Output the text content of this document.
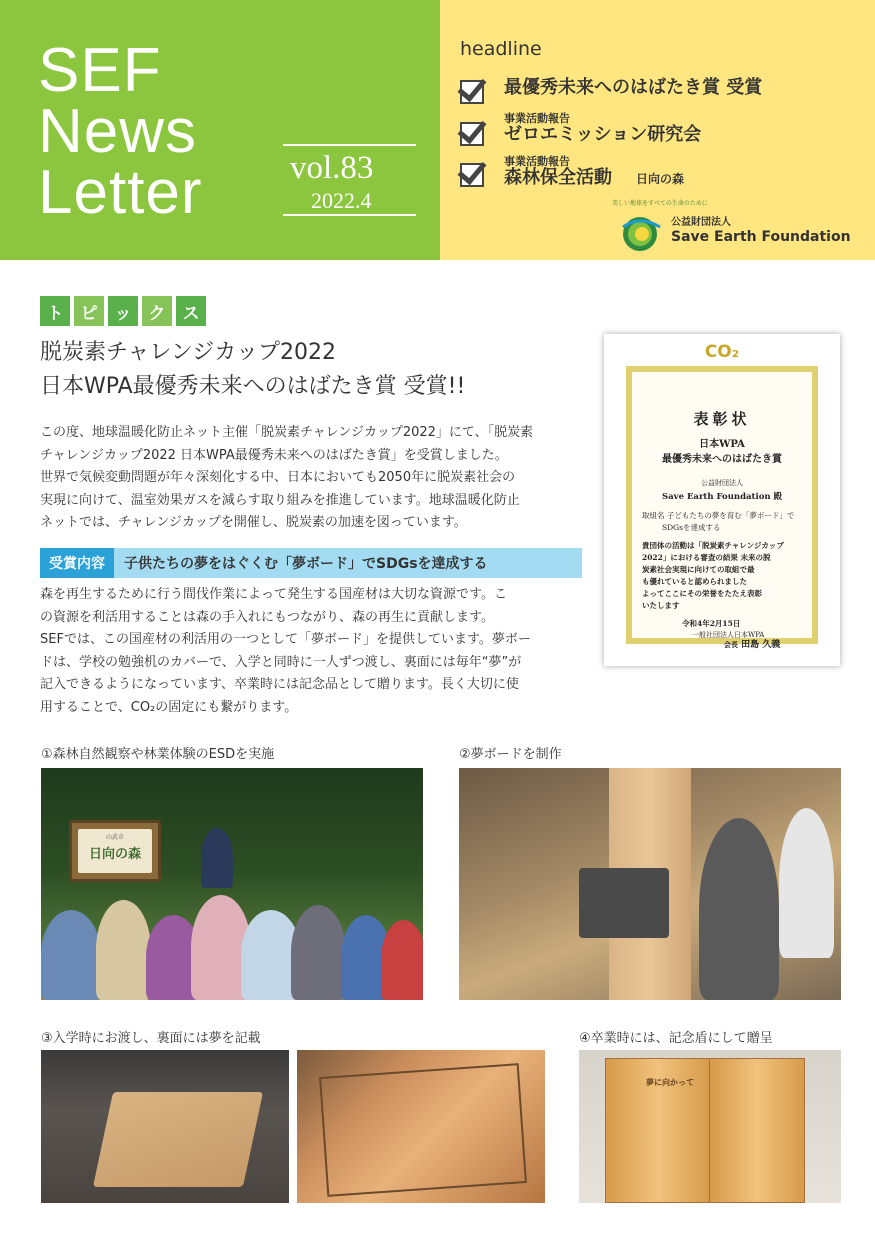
SEF
News
Letter	vol.83
2022.4
headline
最優秀未来へのはばたき賞 受賞
事業活動報告
ゼロエミッション研究会
事業活動報告
森林保全活動 日向の森
美しい地球をすべての生命のために
公益財団法人
Save Earth Foundation
ト	ピ	ッ	ク	ス
脱炭素チャレンジカップ2022
日本WPA最優秀未来へのはばたき賞 受賞!!
この度、地球温暖化防止ネット主催「脱炭素チャレンジカップ2022」にて、「脱炭素
チャレンジカップ2022 日本WPA最優秀未来へのはばたき賞」を受賞しました。
世界で気候変動問題が年々深刻化する中、日本においても2050年に脱炭素社会の
実現に向けて、温室効果ガスを減らす取り組みを推進しています。地球温暖化防止
ネットでは、チャレンジカップを開催し、脱炭素の加速を図っています。
受賞内容	子供たちの夢をはぐくむ「夢ボード」でSDGsを達成する
森を再生するために行う間伐作業によって発生する国産材は大切な資源です。こ
の資源を利活用することは森の手入れにもつながり、森の再生に貢献します。
SEFでは、この国産材の利活用の一つとして「夢ボード」を提供しています。夢ボー
ドは、学校の勉強机のカバーで、入学と同時に一人ずつ渡し、裏面には毎年“夢”が
記入できるようになっています、卒業時には記念品として贈ります。長く大切に使
用することで、CO₂の固定にも繋がります。
CO₂
表彰状
日本WPA
最優秀未来へのはばたき賞
公益財団法人
Save Earth Foundation 殿
取組名 子どもたちの夢を育む「夢ボード」で
SDGsを達成する
貴団体の活動は「脱炭素チャレンジカップ
2022」における審査の結果 未来の脱
炭素社会実現に向けての取組で最
も優れていると認められました
よってここにその栄誉をたたえ表彰
いたします
令和4年2月15日
一般社団法人日本WPA
会長 田島 久義
①森林自然観察や林業体験のESDを実施	②夢ボードを制作
山武市
日向の森
③入学時にお渡し、裏面には夢を記載	④卒業時には、記念盾にして贈呈
夢に向かって
